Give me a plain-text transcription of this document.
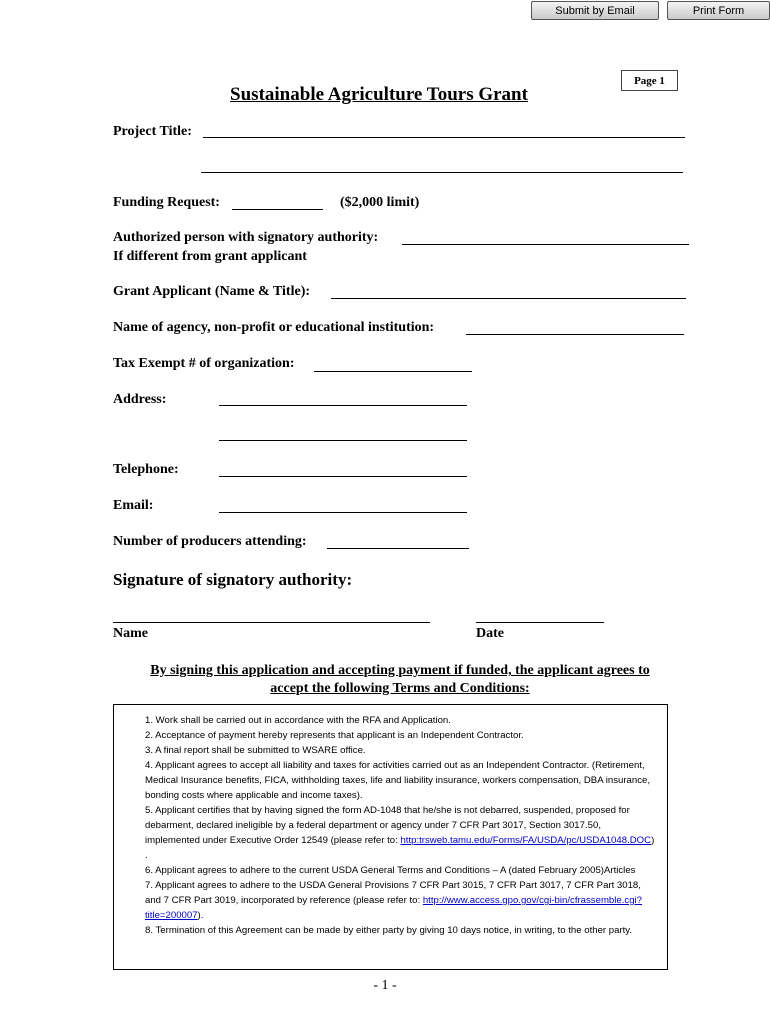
Submit by Email	Print Form
Page 1
Sustainable Agriculture Tours Grant
Project Title:
Funding Request:	($2,000 limit)
Authorized person with signatory authority:
If different from grant applicant
Grant Applicant (Name & Title):
Name of agency, non-profit or educational institution:
Tax Exempt # of organization:
Address:
Telephone:
Email:
Number of producers attending:
Signature of signatory authority:
Name	Date
By signing this application and accepting payment if funded, the applicant agrees to
accept the following Terms and Conditions:

1. Work shall be carried out in accordance with the RFA and Application.

2. Acceptance of payment hereby represents that applicant is an Independent Contractor.

3. A final report shall be submitted to WSARE office.

4. Applicant agrees to accept all liability and taxes for activities carried out as an Independent Contractor. (Retirement, Medical Insurance benefits, FICA, withholding taxes, life and liability insurance, workers compensation, DBA insurance, bonding costs where applicable and income taxes).

5. Applicant certifies that by having signed the form AD-1048 that he/she is not debarred, suspended, proposed for debarment, declared ineligible by a federal department or agency under 7 CFR Part 3017, Section 3017.50, implemented under Executive Order 12549 (please refer to: http:trsweb.tamu.edu/Forms/FA/USDA/pc/USDA1048.DOC) .

6. Applicant agrees to adhere to the current USDA General Terms and Conditions – A (dated February 2005)Articles

7. Applicant agrees to adhere to the USDA General Provisions 7 CFR Part 3015, 7 CFR Part 3017, 7 CFR Part 3018, and 7 CFR Part 3019, incorporated by reference (please refer to: http://www.access.gpo.gov/cgi-bin/cfrassemble.cgi?title=200007).

8. Termination of this Agreement can be made by either party by giving 10 days notice, in writing, to the other party.

- 1 -
